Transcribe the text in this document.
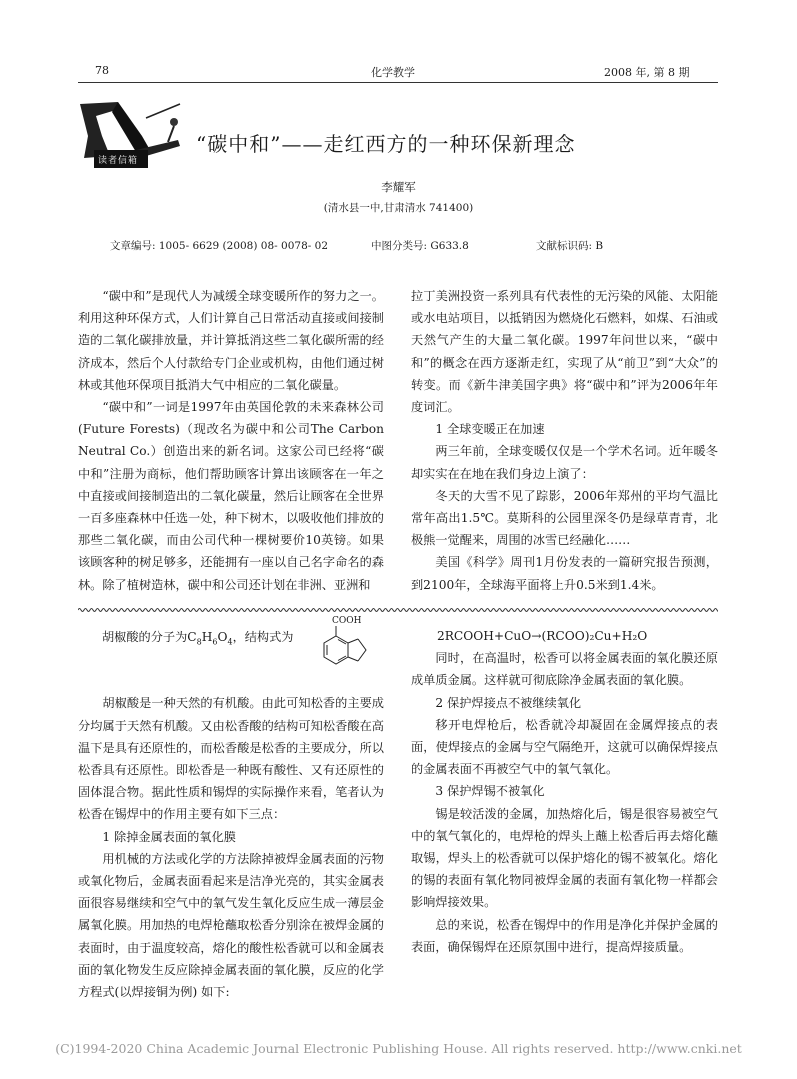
78	化学教学	2008 年, 第 8 期
读者信箱
“碳中和”——走红西方的一种环保新理念
李耀军
(清水县一中,甘肃清水 741400)
文章编号: 1005- 6629 (2008) 08- 0078- 02	中图分类号: G633.8	文献标识码: B

“碳中和”是现代人为减缓全球变暖所作的努力之一。利用这种环保方式，人们计算自己日常活动直接或间接制造的二氧化碳排放量，并计算抵消这些二氧化碳所需的经济成本，然后个人付款给专门企业或机构，由他们通过树林或其他环保项目抵消大气中相应的二氧化碳量。

“碳中和”一词是1997年由英国伦敦的未来森林公司(Future Forests)（现改名为碳中和公司The Carbon Neutral Co.）创造出来的新名词。这家公司已经将“碳中和”注册为商标，他们帮助顾客计算出该顾客在一年之中直接或间接制造出的二氧化碳量，然后让顾客在全世界一百多座森林中任选一处，种下树木，以吸收他们排放的那些二氧化碳，而由公司代种一棵树要价10英镑。如果该顾客种的树足够多，还能拥有一座以自己名字命名的森林。除了植树造林，碳中和公司还计划在非洲、亚洲和

拉丁美洲投资一系列具有代表性的无污染的风能、太阳能或水电站项目，以抵销因为燃烧化石燃料，如煤、石油或天然气产生的大量二氧化碳。1997年问世以来，“碳中和”的概念在西方逐渐走红，实现了从“前卫”到“大众”的转变。而《新牛津美国字典》将“碳中和”评为2006年年度词汇。

1 全球变暖正在加速

两三年前，全球变暖仅仅是一个学术名词。近年暖冬却实实在在地在我们身边上演了：

冬天的大雪不见了踪影，2006年郑州的平均气温比常年高出1.5℃。莫斯科的公园里深冬仍是绿草青青，北极熊一觉醒来，周围的冰雪已经融化……

美国《科学》周刊1月份发表的一篇研究报告预测，到2100年，全球海平面将上升0.5米到1.4米。

胡椒酸的分子为$C_8H_6O_4$，结构式为

胡椒酸是一种天然的有机酸。由此可知松香的主要成分均属于天然有机酸。又由松香酸的结构可知松香酸在高温下是具有还原性的，而松香酸是松香的主要成分，所以松香具有还原性。即松香是一种既有酸性、又有还原性的固体混合物。据此性质和锡焊的实际操作来看，笔者认为松香在锡焊中的作用主要有如下三点：

1 除掉金属表面的氧化膜

用机械的方法或化学的方法除掉被焊金属表面的污物或氧化物后，金属表面看起来是洁净光亮的，其实金属表面很容易继续和空气中的氧气发生氧化反应生成一薄层金属氧化膜。用加热的电焊枪蘸取松香分别涂在被焊金属的表面时，由于温度较高，熔化的酸性松香就可以和金属表面的氧化物发生反应除掉金属表面的氧化膜，反应的化学方程式(以焊接铜为例) 如下:

COOH

2RCOOH+CuO→(RCOO)₂Cu+H₂O

同时，在高温时，松香可以将金属表面的氧化膜还原成单质金属。这样就可彻底除净金属表面的氧化膜。

2 保护焊接点不被继续氧化

移开电焊枪后，松香就冷却凝固在金属焊接点的表面，使焊接点的金属与空气隔绝开，这就可以确保焊接点的金属表面不再被空气中的氧气氧化。

3 保护焊锡不被氧化

锡是较活泼的金属，加热熔化后，锡是很容易被空气中的氧气氧化的，电焊枪的焊头上蘸上松香后再去熔化蘸取锡，焊头上的松香就可以保护熔化的锡不被氧化。熔化的锡的表面有氧化物同被焊金属的表面有氧化物一样都会影响焊接效果。

总的来说，松香在锡焊中的作用是净化并保护金属的表面，确保锡焊在还原氛围中进行，提高焊接质量。

(C)1994-2020 China Academic Journal Electronic Publishing House. All rights reserved. http://www.cnki.net
